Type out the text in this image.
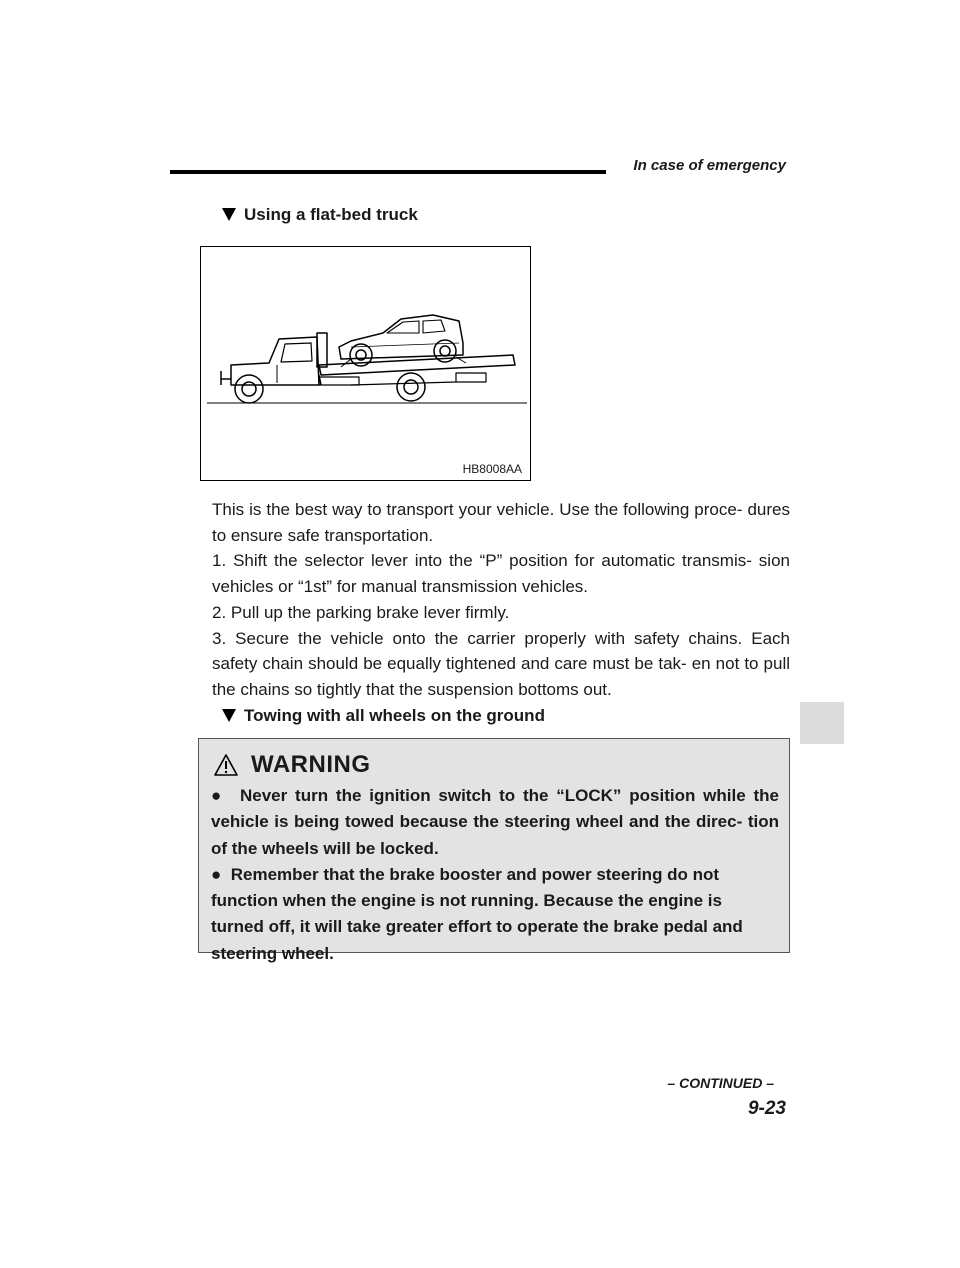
In case of emergency
Using a flat-bed truck
HB8008AA

This is the best way to transport your vehicle. Use the following proce- dures to ensure safe transportation.

1. Shift the selector lever into the “P” position for automatic transmis- sion vehicles or “1st” for manual transmission vehicles.

2. Pull up the parking brake lever firmly.

3. Secure the vehicle onto the carrier properly with safety chains. Each safety chain should be equally tightened and care must be tak- en not to pull the chains so tightly that the suspension bottoms out.

Towing with all wheels on the ground
WARNING

● Never turn the ignition switch to the “LOCK” position while the vehicle is being towed because the steering wheel and the direc- tion of the wheels will be locked.

● Remember that the brake booster and power steering do not function when the engine is not running. Because the engine is turned off, it will take greater effort to operate the brake pedal and steering wheel.

– CONTINUED –
9-23
